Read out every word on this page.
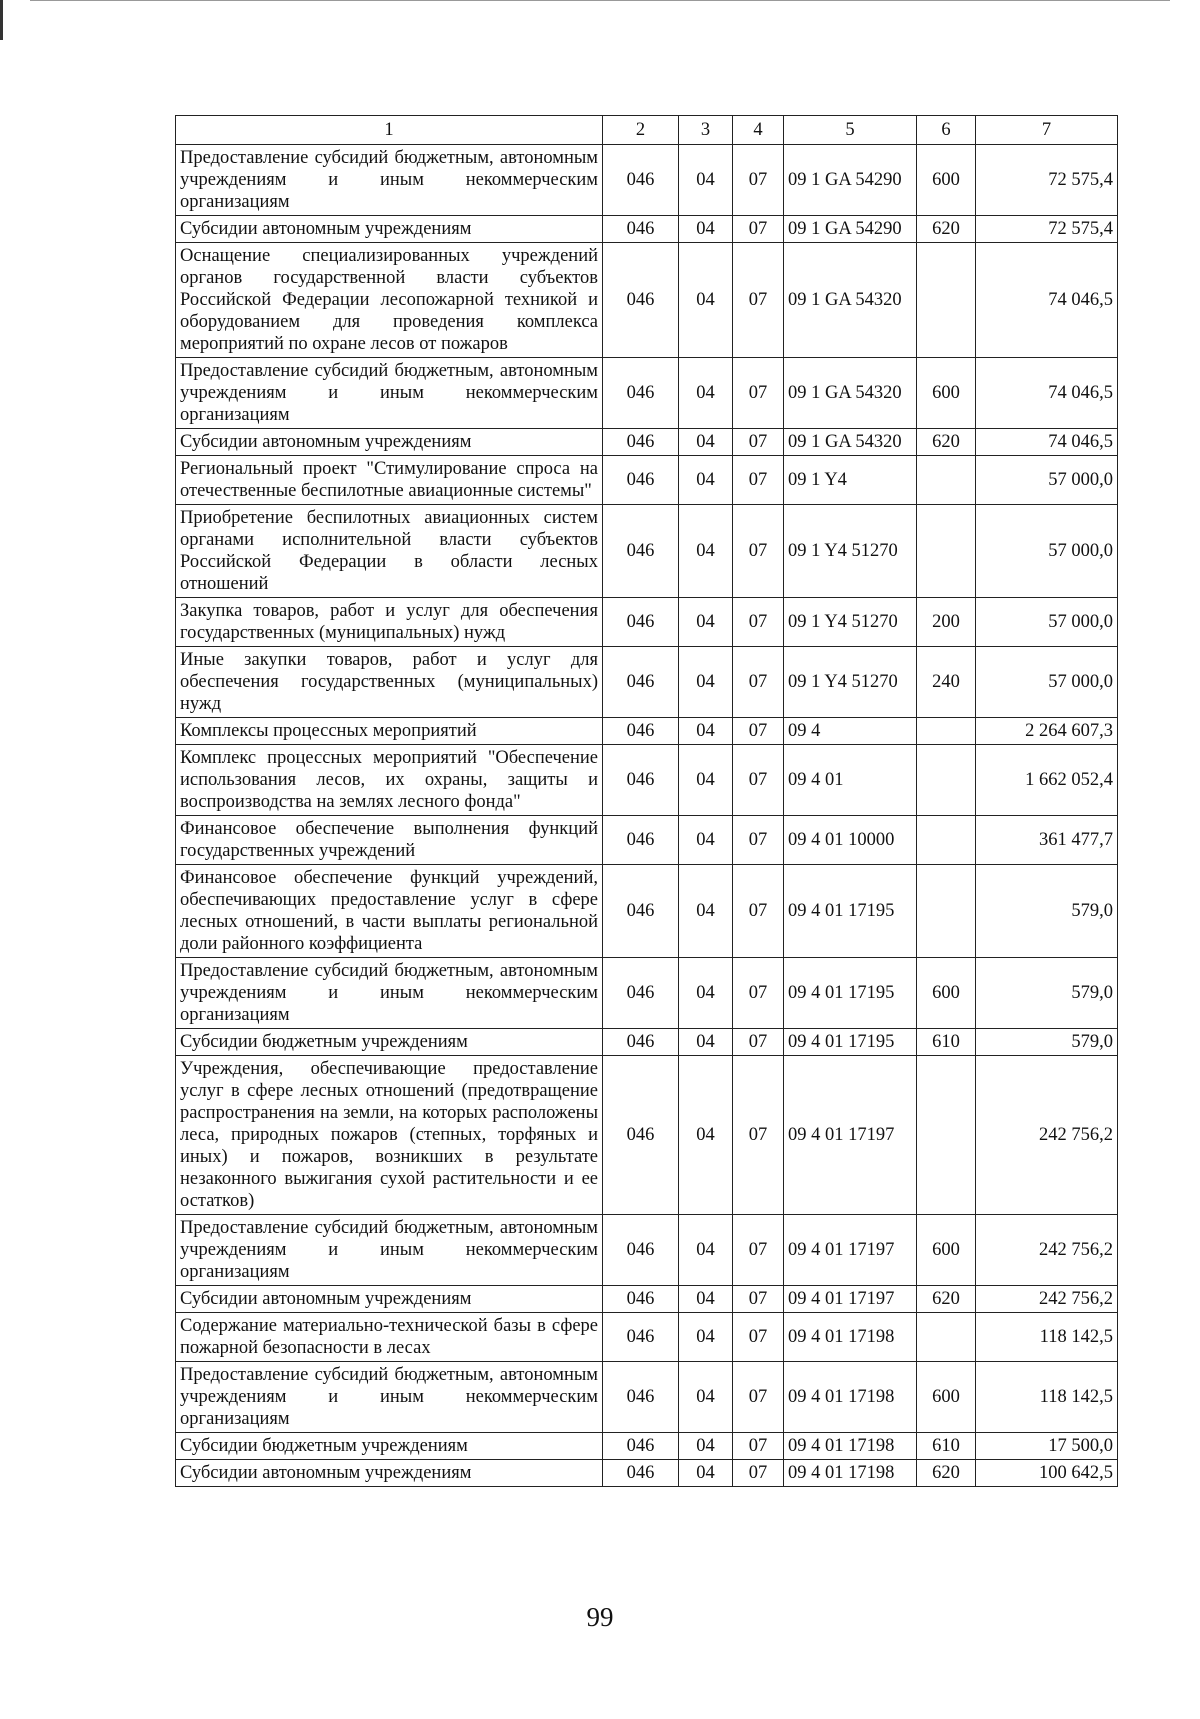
1	2	3	4	5	6	7
Предоставление субсидий бюджетным, автономным учреждениям и иным некоммерческим организациям	046	04	07	09 1 GA 54290	600	72 575,4
Субсидии автономным учреждениям	046	04	07	09 1 GA 54290	620	72 575,4
Оснащение специализированных учреждений органов государственной власти субъектов Российской Федерации лесопожарной техникой и оборудованием для проведения комплекса мероприятий по охране лесов от пожаров	046	04	07	09 1 GA 54320		74 046,5
Предоставление субсидий бюджетным, автономным учреждениям и иным некоммерческим организациям	046	04	07	09 1 GA 54320	600	74 046,5
Субсидии автономным учреждениям	046	04	07	09 1 GA 54320	620	74 046,5
Региональный проект "Стимулирование спроса на отечественные беспилотные авиационные системы"	046	04	07	09 1 Y4		57 000,0
Приобретение беспилотных авиационных систем органами исполнительной власти субъектов Российской Федерации в области лесных отношений	046	04	07	09 1 Y4 51270		57 000,0
Закупка товаров, работ и услуг для обеспечения государственных (муниципальных) нужд	046	04	07	09 1 Y4 51270	200	57 000,0
Иные закупки товаров, работ и услуг для обеспечения государственных (муниципальных) нужд	046	04	07	09 1 Y4 51270	240	57 000,0
Комплексы процессных мероприятий	046	04	07	09 4		2 264 607,3
Комплекс процессных мероприятий "Обеспечение использования лесов, их охраны, защиты и воспроизводства на землях лесного фонда"	046	04	07	09 4 01		1 662 052,4
Финансовое обеспечение выполнения функций государственных учреждений	046	04	07	09 4 01 10000		361 477,7
Финансовое обеспечение функций учреждений, обеспечивающих предоставление услуг в сфере лесных отношений, в части выплаты региональной доли районного коэффициента	046	04	07	09 4 01 17195		579,0
Предоставление субсидий бюджетным, автономным учреждениям и иным некоммерческим организациям	046	04	07	09 4 01 17195	600	579,0
Субсидии бюджетным учреждениям	046	04	07	09 4 01 17195	610	579,0
Учреждения, обеспечивающие предоставление услуг в сфере лесных отношений (предотвращение распространения на земли, на которых расположены леса, природных пожаров (степных, торфяных и иных) и пожаров, возникших в результате незаконного выжигания сухой растительности и ее остатков)	046	04	07	09 4 01 17197		242 756,2
Предоставление субсидий бюджетным, автономным учреждениям и иным некоммерческим организациям	046	04	07	09 4 01 17197	600	242 756,2
Субсидии автономным учреждениям	046	04	07	09 4 01 17197	620	242 756,2
Содержание материально-технической базы в сфере пожарной безопасности в лесах	046	04	07	09 4 01 17198		118 142,5
Предоставление субсидий бюджетным, автономным учреждениям и иным некоммерческим организациям	046	04	07	09 4 01 17198	600	118 142,5
Субсидии бюджетным учреждениям	046	04	07	09 4 01 17198	610	17 500,0
Субсидии автономным учреждениям	046	04	07	09 4 01 17198	620	100 642,5
99
